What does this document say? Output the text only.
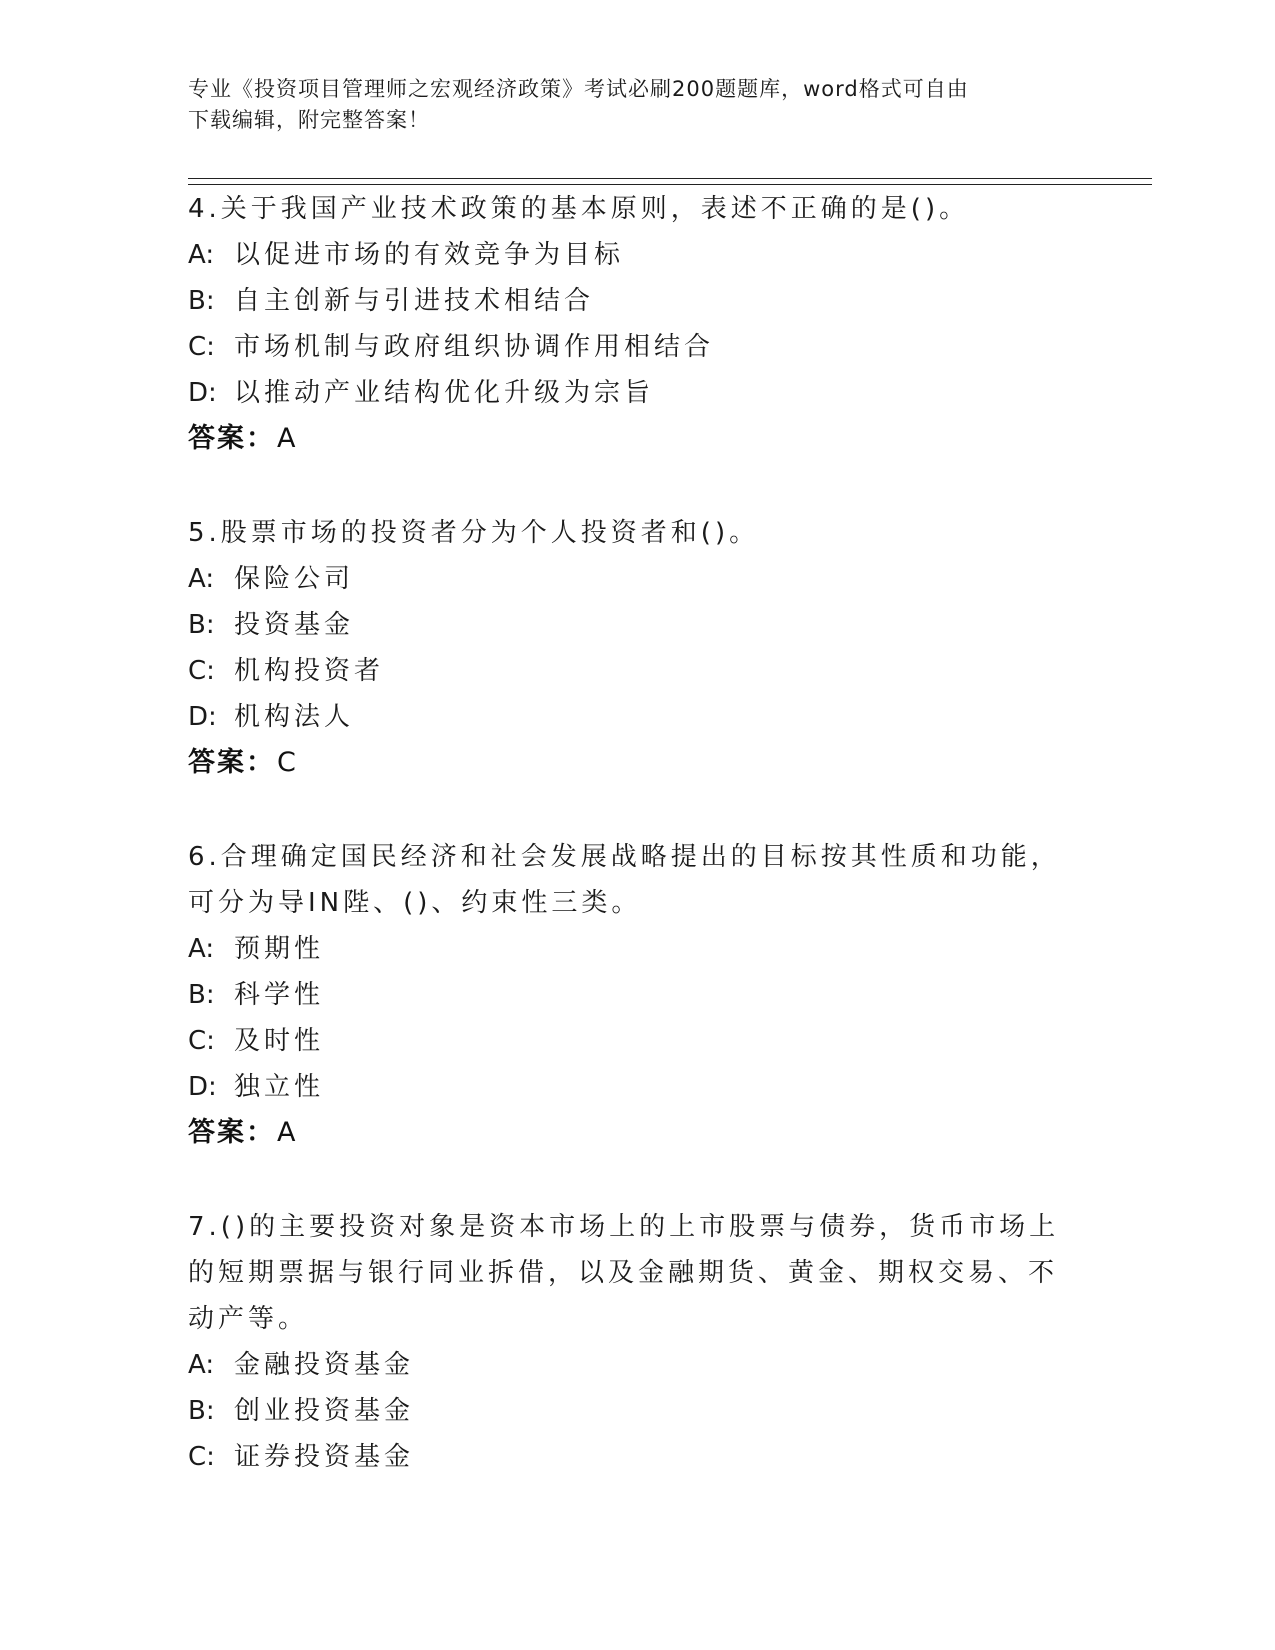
专业《投资项目管理师之宏观经济政策》考试必刷200题题库，word格式可自由
下载编辑，附完整答案！

4.关于我国产业技术政策的基本原则，表述不正确的是()。

A: 以促进市场的有效竞争为目标

B: 自主创新与引进技术相结合

C: 市场机制与政府组织协调作用相结合

D: 以推动产业结构优化升级为宗旨

答案：A

5.股票市场的投资者分为个人投资者和()。

A: 保险公司

B: 投资基金

C: 机构投资者

D: 机构法人

答案：C

6.合理确定国民经济和社会发展战略提出的目标按其性质和功能，可分为导IN陛、()、约束性三类。

A: 预期性

B: 科学性

C: 及时性

D: 独立性

答案：A

7.()的主要投资对象是资本市场上的上市股票与债券，货币市场上的短期票据与银行同业拆借，以及金融期货、黄金、期权交易、不动产等。

A: 金融投资基金

B: 创业投资基金

C: 证券投资基金
